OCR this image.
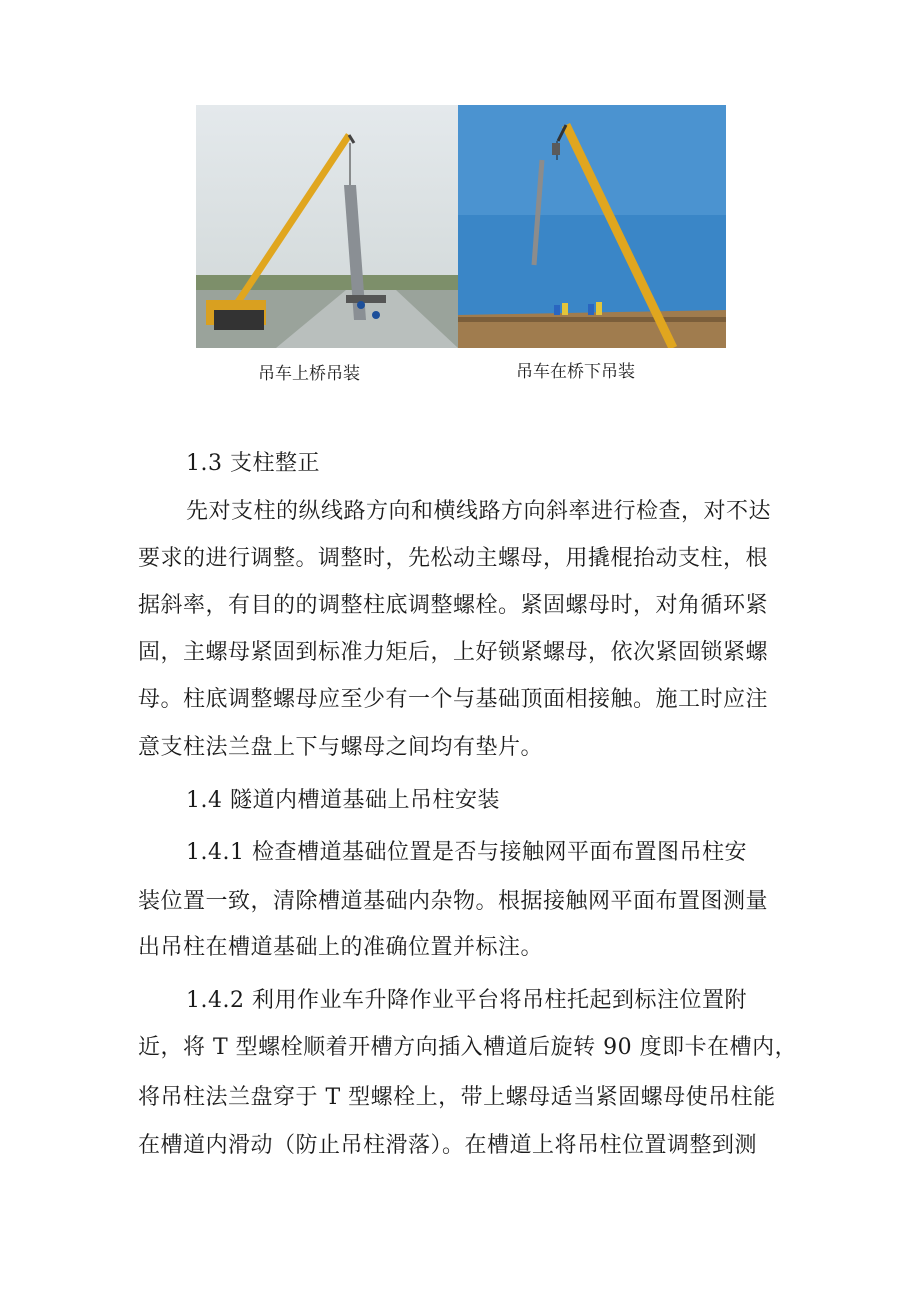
吊车上桥吊装	吊车在桥下吊装
1.3 支柱整正
先对支柱的纵线路方向和横线路方向斜率进行检查，对不达
要求的进行调整。调整时，先松动主螺母，用撬棍抬动支柱，根
据斜率，有目的的调整柱底调整螺栓。紧固螺母时，对角循环紧
固，主螺母紧固到标准力矩后，上好锁紧螺母，依次紧固锁紧螺
母。柱底调整螺母应至少有一个与基础顶面相接触。施工时应注
意支柱法兰盘上下与螺母之间均有垫片。
1.4 隧道内槽道基础上吊柱安装
1.4.1 检查槽道基础位置是否与接触网平面布置图吊柱安
装位置一致，清除槽道基础内杂物。根据接触网平面布置图测量
出吊柱在槽道基础上的准确位置并标注。
1.4.2 利用作业车升降作业平台将吊柱托起到标注位置附
近，将 T 型螺栓顺着开槽方向插入槽道后旋转 90 度即卡在槽内，
将吊柱法兰盘穿于 T 型螺栓上，带上螺母适当紧固螺母使吊柱能
在槽道内滑动（防止吊柱滑落）。在槽道上将吊柱位置调整到测
